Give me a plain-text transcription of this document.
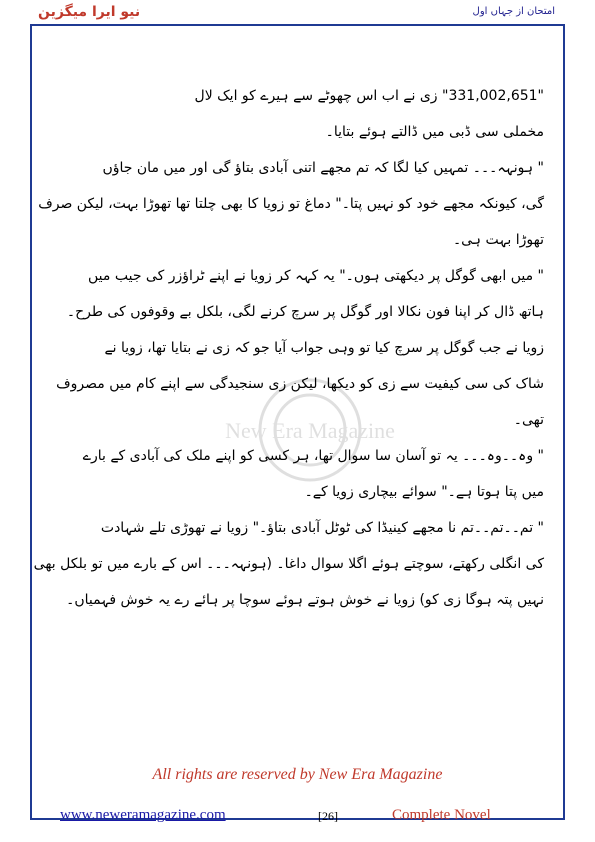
نیو ایرا میگزین	امتحان از جہاں اول
New Era Magazine

"331,002,651" زی نے اب اس چھوٹے سے ہیرے کو ایک لال

مخملی سی ڈبی میں ڈالتے ہوئے بتایا۔

" ہونہہ۔۔۔ تمہیں کیا لگا کہ تم مجھے اتنی آبادی بتاؤ گی اور میں مان جاؤں

گی، کیونکہ مجھے خود کو نہیں پتا۔" دماغ تو زویا کا بھی چلتا تھا تھوڑا بہت، لیکن صرف

تھوڑا بہت ہی۔

" میں ابھی گوگل پر دیکھتی ہوں۔" یہ کہہ کر زویا نے اپنے ٹراؤزر کی جیب میں

ہاتھ ڈال کر اپنا فون نکالا اور گوگل پر سرچ کرنے لگی، بلکل بے وقوفوں کی طرح۔

زویا نے جب گوگل پر سرچ کیا تو وہی جواب آیا جو کہ زی نے بتایا تھا، زویا نے

شاک کی سی کیفیت سے زی کو دیکھا، لیکن زی سنجیدگی سے اپنے کام میں مصروف

تھی۔

" وہ۔۔وہ۔۔۔ یہ تو آسان سا سوال تھا، ہر کسی کو اپنے ملک کی آبادی کے بارے

میں پتا ہوتا ہے۔" سوائے بیچاری زویا کے۔

" تم۔۔تم۔۔تم نا مجھے کینیڈا کی ٹوٹل آبادی بتاؤ۔" زویا نے تھوڑی تلے شہادت

کی انگلی رکھتے، سوچتے ہوئے اگلا سوال داغا۔ (ہونہہ۔۔۔ اس کے بارے میں تو بلکل بھی

نہیں پتہ ہوگا زی کو) زویا نے خوش ہوتے ہوئے سوچا پر ہائے رے یہ خوش فہمیاں۔

All rights are reserved by New Era Magazine
www.neweramagazine.com	[26]	Complete Novel
